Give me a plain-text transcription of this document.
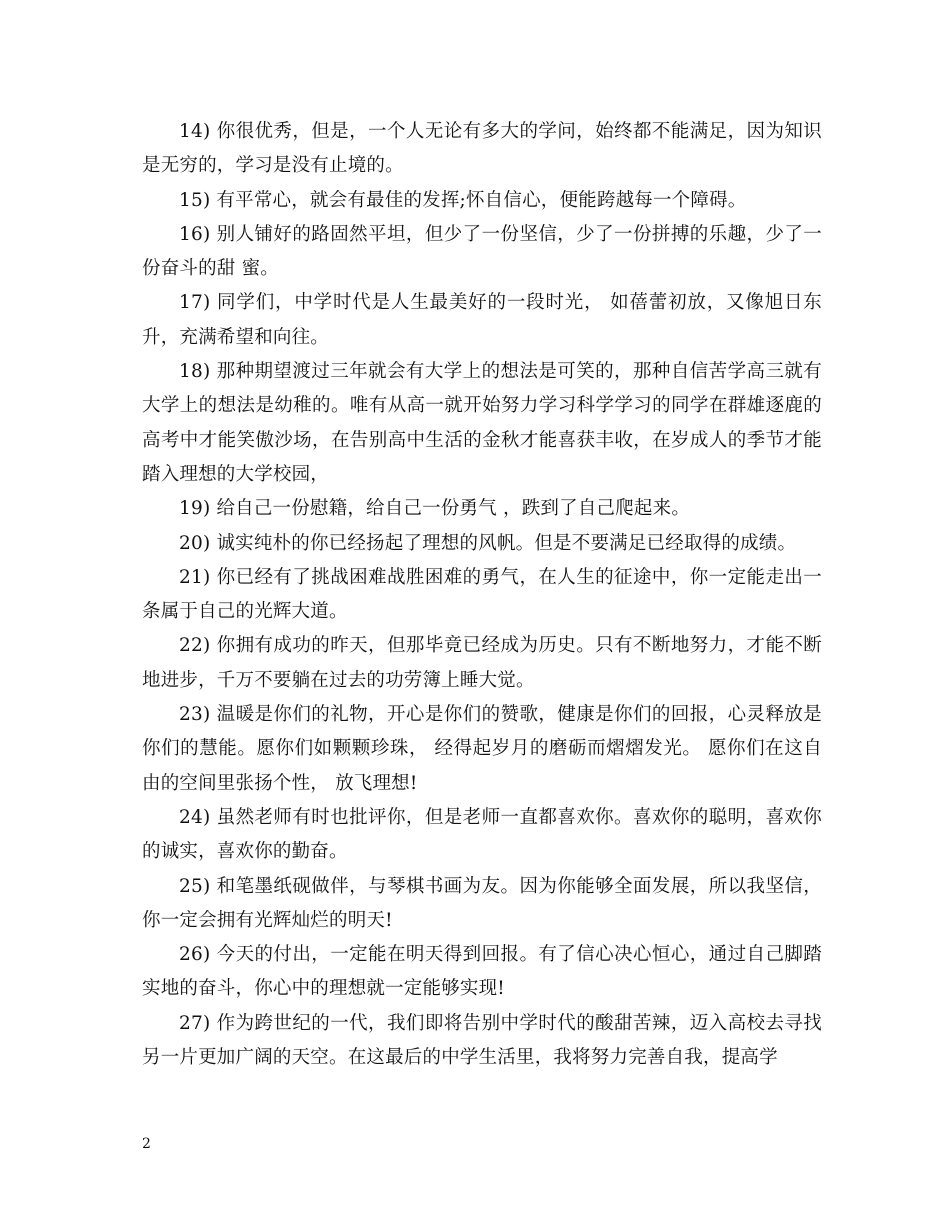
14) 你很优秀，但是，一个人无论有多大的学问，始终都不能满足，因为知识是无穷的，学习是没有止境的。

15) 有平常心，就会有最佳的发挥;怀自信心，便能跨越每一个障碍。

16) 别人铺好的路固然平坦，但少了一份坚信，少了一份拼搏的乐趣，少了一份奋斗的甜 蜜。

17) 同学们，中学时代是人生最美好的一段时光， 如蓓蕾初放，又像旭日东升，充满希望和向往。

18) 那种期望渡过三年就会有大学上的想法是可笑的，那种自信苦学高三就有大学上的想法是幼稚的。唯有从高一就开始努力学习科学学习的同学在群雄逐鹿的高考中才能笑傲沙场，在告别高中生活的金秋才能喜获丰收，在岁成人的季节才能踏入理想的大学校园，

19) 给自己一份慰籍，给自己一份勇气 ，跌到了自己爬起来。

20) 诚实纯朴的你已经扬起了理想的风帆。但是不要满足已经取得的成绩。

21) 你已经有了挑战困难战胜困难的勇气，在人生的征途中，你一定能走出一条属于自己的光辉大道。

22) 你拥有成功的昨天，但那毕竟已经成为历史。只有不断地努力，才能不断地进步，千万不要躺在过去的功劳簿上睡大觉。

23) 温暖是你们的礼物，开心是你们的赞歌，健康是你们的回报，心灵释放是你们的慧能。愿你们如颗颗珍珠， 经得起岁月的磨砺而熠熠发光。 愿你们在这自由的空间里张扬个性， 放飞理想!

24) 虽然老师有时也批评你，但是老师一直都喜欢你。喜欢你的聪明，喜欢你的诚实，喜欢你的勤奋。

25) 和笔墨纸砚做伴，与琴棋书画为友。因为你能够全面发展，所以我坚信，你一定会拥有光辉灿烂的明天!

26) 今天的付出，一定能在明天得到回报。有了信心决心恒心，通过自己脚踏实地的奋斗，你心中的理想就一定能够实现!

27) 作为跨世纪的一代，我们即将告别中学时代的酸甜苦辣，迈入高校去寻找另一片更加广阔的天空。在这最后的中学生活里，我将努力完善自我，提高学

2
